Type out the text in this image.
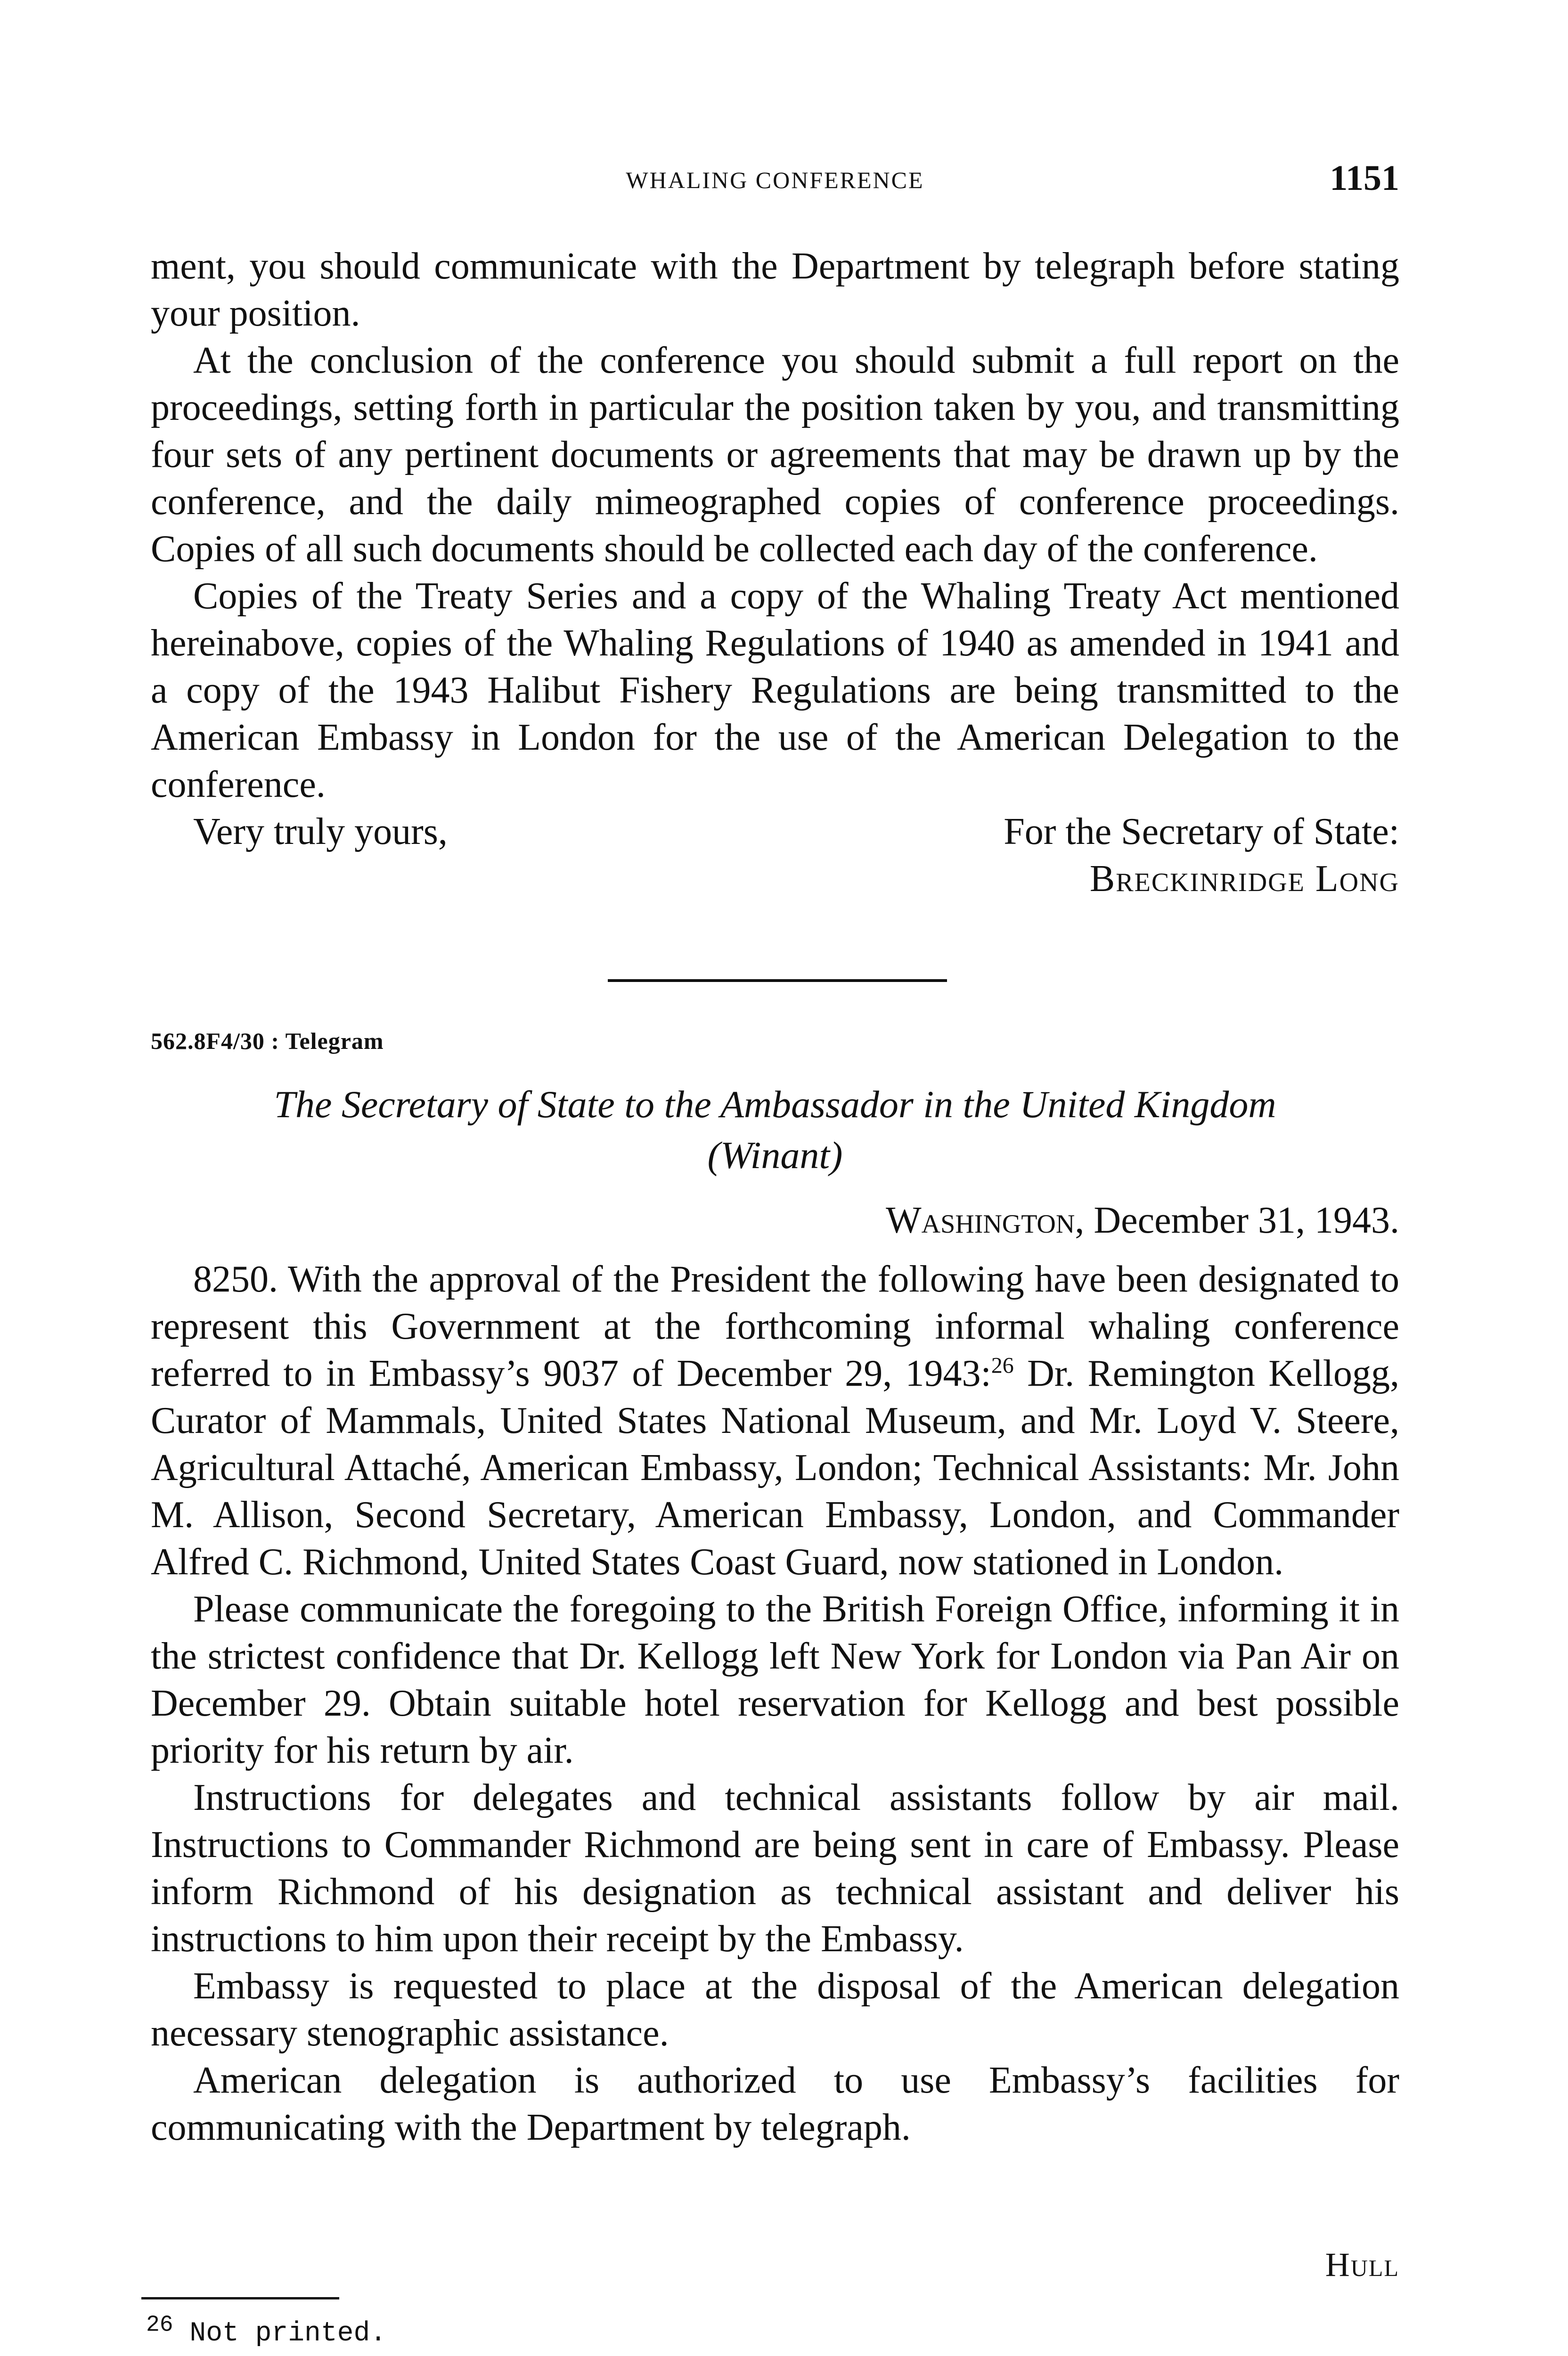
WHALING CONFERENCE	1151

ment, you should communicate with the Department by telegraph before stating your position.

At the conclusion of the conference you should submit a full report on the proceedings, setting forth in particular the position taken by you, and transmitting four sets of any pertinent documents or agreements that may be drawn up by the conference, and the daily mimeographed copies of conference proceedings. Copies of all such documents should be collected each day of the conference.

Copies of the Treaty Series and a copy of the Whaling Treaty Act mentioned hereinabove, copies of the Whaling Regulations of 1940 as amended in 1941 and a copy of the 1943 Halibut Fishery Regulations are being transmitted to the American Embassy in London for the use of the American Delegation to the conference.

Very truly yours,	For the Secretary of State:
Breckinridge Long
562.8F4/30 : Telegram
The Secretary of State to the Ambassador in the United Kingdom
(Winant)
Washington, December 31, 1943.

8250. With the approval of the President the following have been designated to represent this Government at the forthcoming informal whaling conference referred to in Embassy’s 9037 of December 29, 1943:$^{26}$ Dr. Remington Kellogg, Curator of Mammals, United States National Museum, and Mr. Loyd V. Steere, Agricultural Attaché, American Embassy, London; Technical Assistants: Mr. John M. Allison, Second Secretary, American Embassy, London, and Commander Alfred C. Richmond, United States Coast Guard, now stationed in London.

Please communicate the foregoing to the British Foreign Office, informing it in the strictest confidence that Dr. Kellogg left New York for London via Pan Air on December 29. Obtain suitable hotel reservation for Kellogg and best possible priority for his return by air.

Instructions for delegates and technical assistants follow by air mail. Instructions to Commander Richmond are being sent in care of Embassy. Please inform Richmond of his designation as technical assistant and deliver his instructions to him upon their receipt by the Embassy.

Embassy is requested to place at the disposal of the American delegation necessary stenographic assistance.

American delegation is authorized to use Embassy’s facilities for communicating with the Department by telegraph.

Hull
$^{26}$ Not printed.
